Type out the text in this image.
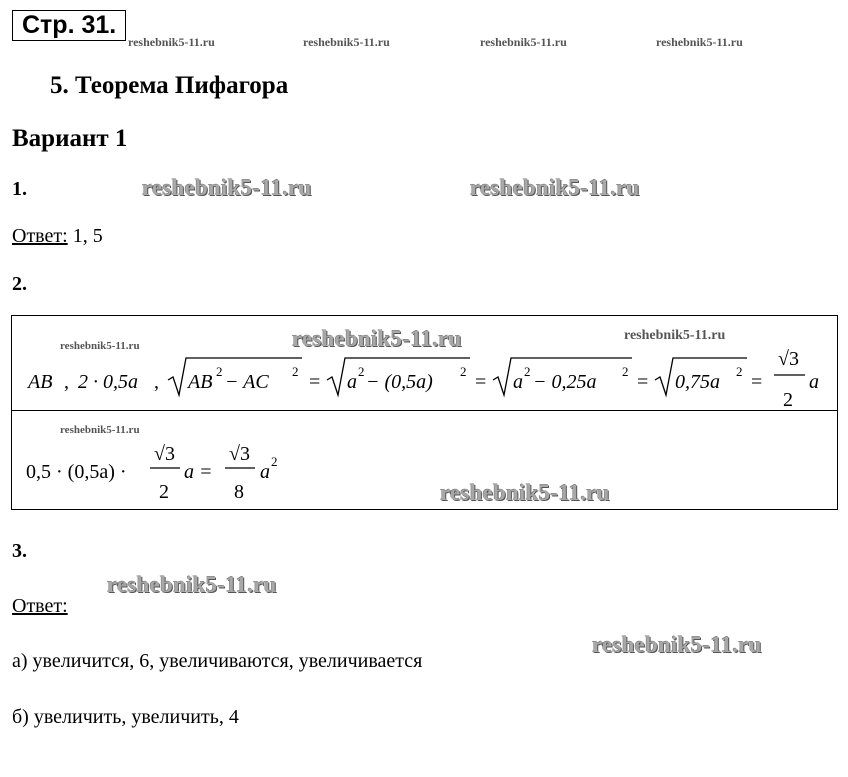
Стр. 31.
reshebnik5-11.ru	reshebnik5-11.ru	reshebnik5-11.ru	reshebnik5-11.ru
5. Теорема Пифагора
Вариант 1
1.	reshebnik5-11.ru	reshebnik5-11.ru
Ответ: 1, 5
2.
reshebnik5-11.ru	reshebnik5-11.ru	reshebnik5-11.ru
AB , 2 · 0,5a , AB 2 − AC 2 = a 2 − (0,5a) 2 = a 2 − 0,25a 2 = 0,75a 2 =
√3
2
a
reshebnik5-11.ru
0,5 · (0,5a) ·
√3
2
a =
√3
8
a 2
reshebnik5-11.ru
3.
reshebnik5-11.ru
Ответ:
reshebnik5-11.ru
а) увеличится, 6, увеличиваются, увеличивается
б) увеличить, увеличить, 4
